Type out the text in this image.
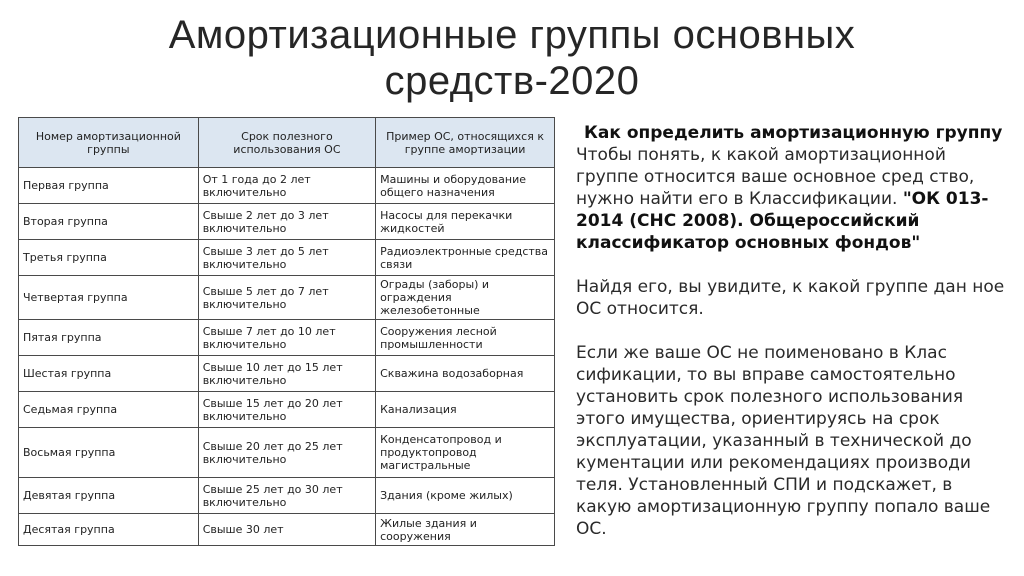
Амортизационные группы основных
средств-2020
Номер амортизационной группы	Срок полезного использования ОС	Пример ОС, относящихся к группе амортизации
Первая группа	От 1 года до 2 лет включительно	Машины и оборудование общего назначения
Вторая группа	Свыше 2 лет до 3 лет включительно	Насосы для перекачки жидкостей
Третья группа	Свыше 3 лет до 5 лет включительно	Радиоэлектронные средства связи
Четвертая группа	Свыше 5 лет до 7 лет включительно	Ограды (заборы) и ограждения железобетонные
Пятая группа	Свыше 7 лет до 10 лет включительно	Сооружения лесной промышленности
Шестая группа	Свыше 10 лет до 15 лет включительно	Скважина водозаборная
Седьмая группа	Свыше 15 лет до 20 лет включительно	Канализация
Восьмая группа	Свыше 20 лет до 25 лет включительно	Конденсатопровод и продуктопровод магистральные
Девятая группа	Свыше 25 лет до 30 лет включительно	Здания (кроме жилых)
Десятая группа	Свыше 30 лет	Жилые здания и сооружения

Как определить амортизационную группу

Чтобы понять, к какой амортизационной группе относится ваше основное сред ство, нужно найти его в Классификации. "ОК 013-2014 (СНС 2008). Общероссийский классификатор основных фондов"

Найдя его, вы увидите, к какой группе дан ное ОС относится.

Если же ваше ОС не поименовано в Клас сификации, то вы вправе самостоятельно установить срок полезного использования этого имущества, ориентируясь на срок эксплуатации, указанный в технической до кументации или рекомендациях производи теля. Установленный СПИ и подскажет, в какую амортизационную группу попало ваше ОС.
